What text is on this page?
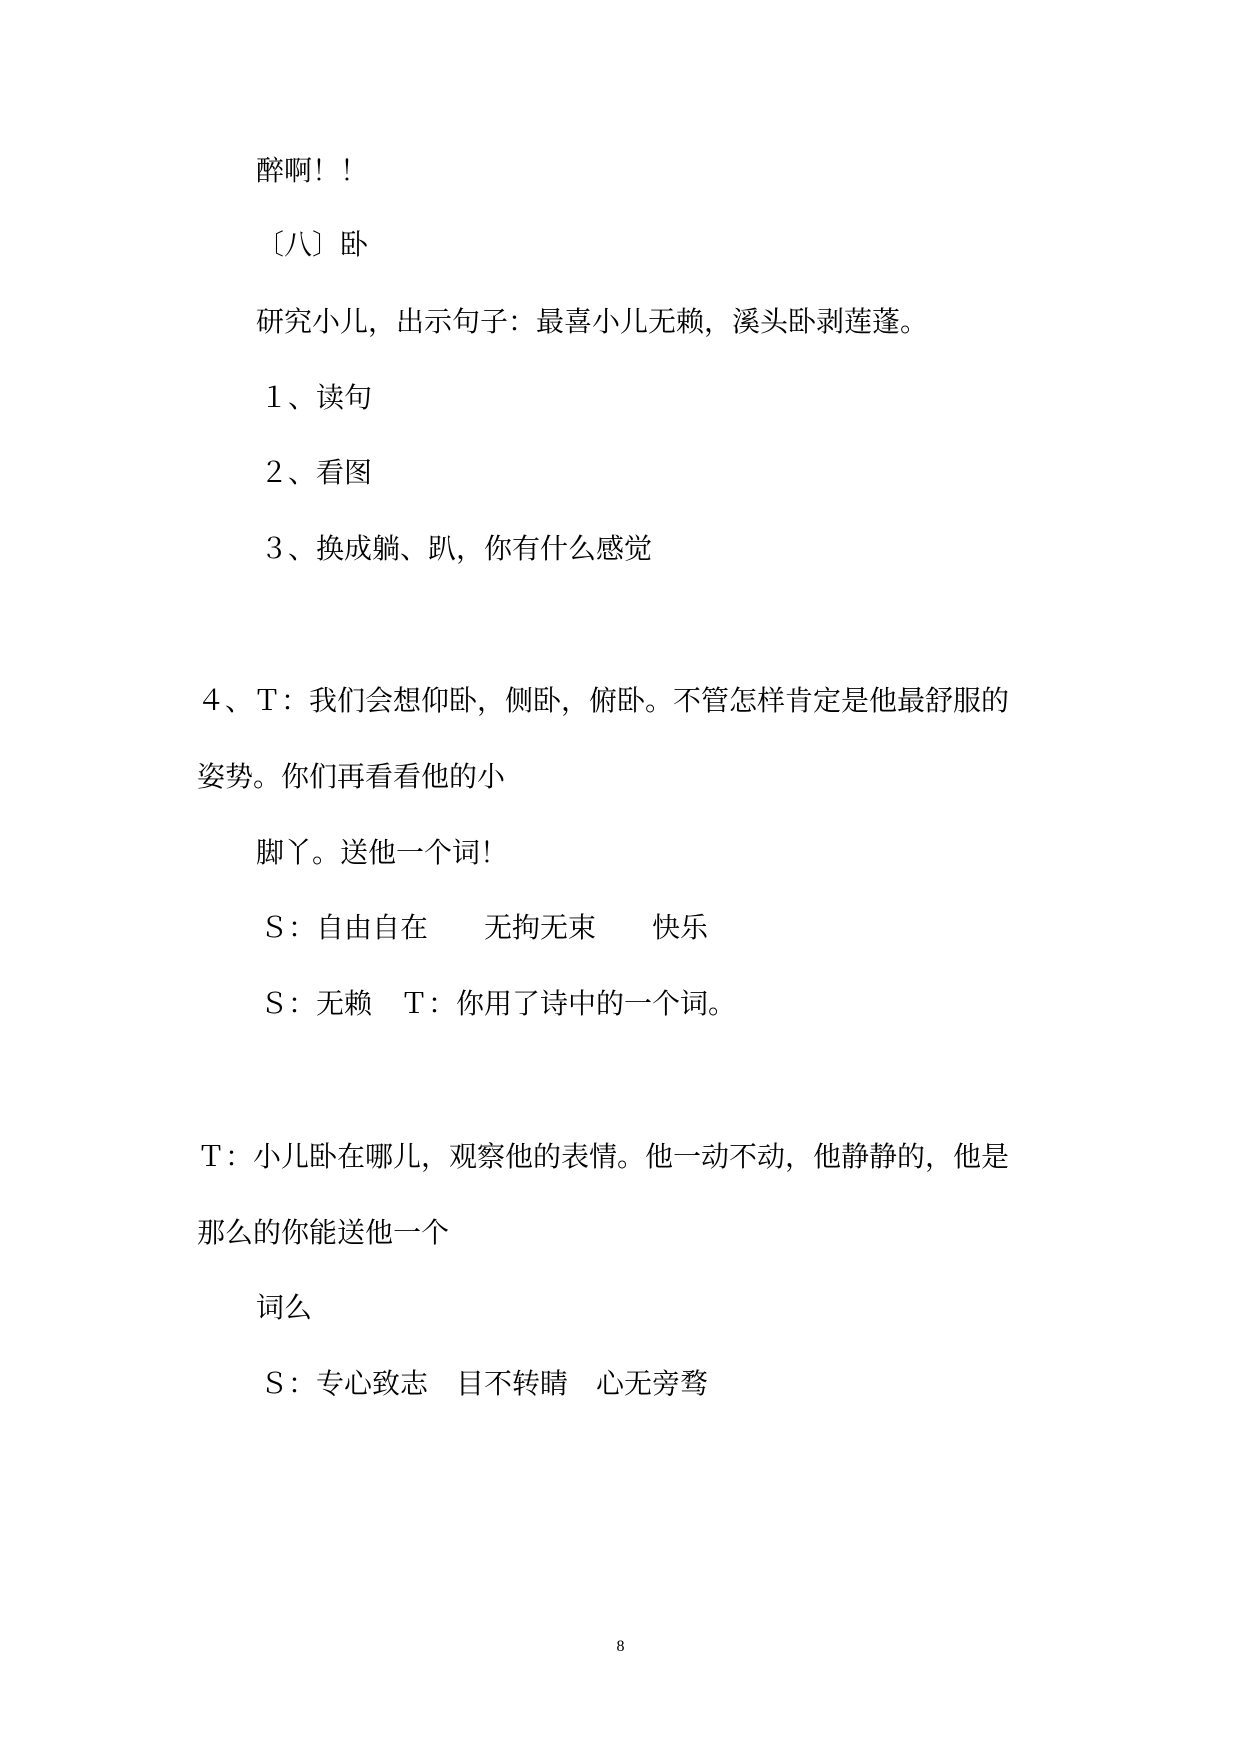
醉啊！！
〔八〕卧
研究小儿，出示句子：最喜小儿无赖，溪头卧剥莲蓬。
１、读句
２、看图
３、换成躺、趴，你有什么感觉
４、Ｔ：我们会想仰卧，侧卧，俯卧。不管怎样肯定是他最舒服的
姿势。你们再看看他的小
脚丫。送他一个词！
Ｓ：自由自在　　无拘无束　　快乐
Ｓ：无赖　Ｔ：你用了诗中的一个词。
Ｔ：小儿卧在哪儿，观察他的表情。他一动不动，他静静的，他是
那么的你能送他一个
词么
Ｓ：专心致志　目不转睛　心无旁骛
8
